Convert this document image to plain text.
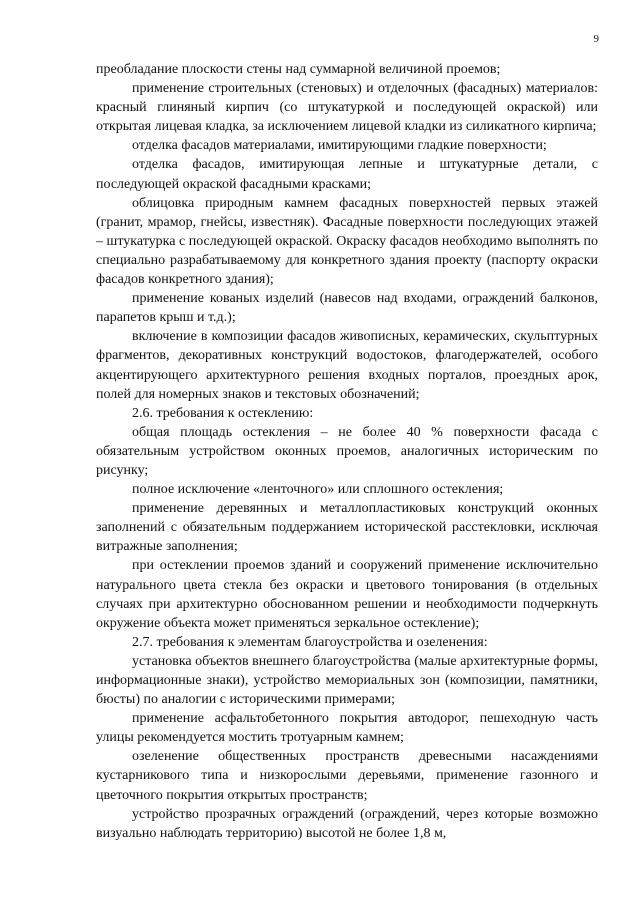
9

преобладание плоскости стены над суммарной величиной проемов;

применение строительных (стеновых) и отделочных (фасадных) материалов: красный глиняный кирпич (со штукатуркой и последующей окраской) или открытая лицевая кладка, за исключением лицевой кладки из силикатного кирпича;

отделка фасадов материалами, имитирующими гладкие поверхности;

отделка фасадов, имитирующая лепные и штукатурные детали, с последующей окраской фасадными красками;

облицовка природным камнем фасадных поверхностей первых этажей (гранит, мрамор, гнейсы, известняк). Фасадные поверхности последующих этажей – штукатурка с последующей окраской. Окраску фасадов необходимо выполнять по специально разрабатываемому для конкретного здания проекту (паспорту окраски фасадов конкретного здания);

применение кованых изделий (навесов над входами, ограждений балконов, парапетов крыш и т.д.);

включение в композиции фасадов живописных, керамических, скульптурных фрагментов, декоративных конструкций водостоков, флагодержателей, особого акцентирующего архитектурного решения входных порталов, проездных арок, полей для номерных знаков и текстовых обозначений;

2.6. требования к остеклению:

общая площадь остекления – не более 40 % поверхности фасада с обязательным устройством оконных проемов, аналогичных историческим по рисунку;

полное исключение «ленточного» или сплошного остекления;

применение деревянных и металлопластиковых конструкций оконных заполнений с обязательным поддержанием исторической расстекловки, исключая витражные заполнения;

при остеклении проемов зданий и сооружений применение исключительно натурального цвета стекла без окраски и цветового тонирования (в отдельных случаях при архитектурно обоснованном решении и необходимости подчеркнуть окружение объекта может применяться зеркальное остекление);

2.7. требования к элементам благоустройства и озеленения:

установка объектов внешнего благоустройства (малые архитектурные формы, информационные знаки), устройство мемориальных зон (композиции, памятники, бюсты) по аналогии с историческими примерами;

применение асфальтобетонного покрытия автодорог, пешеходную часть улицы рекомендуется мостить тротуарным камнем;

озеленение общественных пространств древесными насаждениями кустарникового типа и низкорослыми деревьями, применение газонного и цветочного покрытия открытых пространств;

устройство прозрачных ограждений (ограждений, через которые возможно визуально наблюдать территорию) высотой не более 1,8 м,
